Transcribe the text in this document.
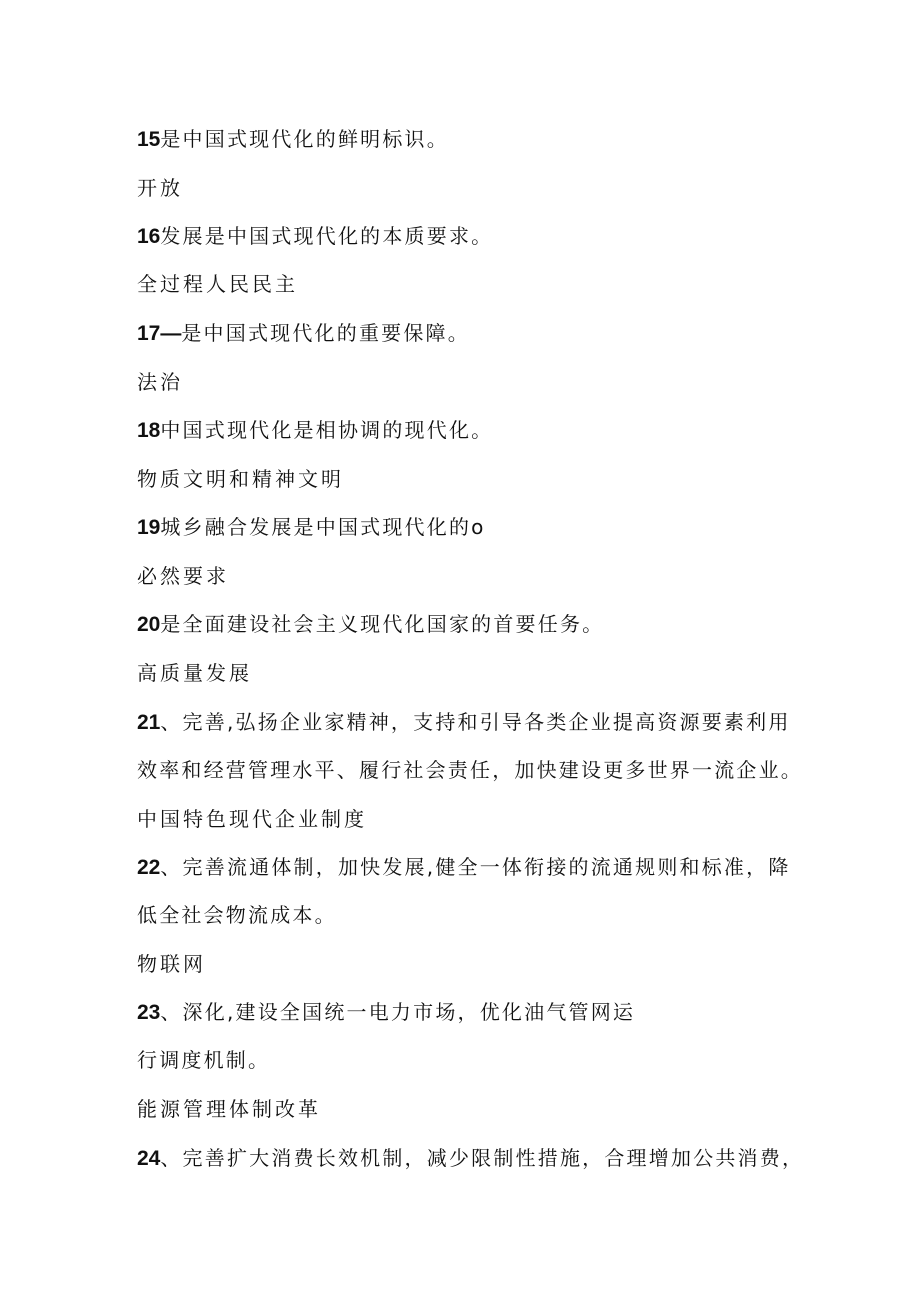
15是中国式现代化的鲜明标识。
开放
16发展是中国式现代化的本质要求。
全过程人民民主
17—是中国式现代化的重要保障。
法治
18中国式现代化是相协调的现代化。
物质文明和精神文明
19城乡融合发展是中国式现代化的o
必然要求
20是全面建设社会主义现代化国家的首要任务。
高质量发展
21、完善,弘扬企业家精神，支持和引导各类企业提高资源要素利用
效率和经营管理水平、履行社会责任，加快建设更多世界一流企业。
中国特色现代企业制度
22、完善流通体制，加快发展,健全一体衔接的流通规则和标准，降
低全社会物流成本。
物联网
23、深化,建设全国统一电力市场，优化油气管网运
行调度机制。
能源管理体制改革
24、完善扩大消费长效机制，减少限制性措施，合理增加公共消费，
